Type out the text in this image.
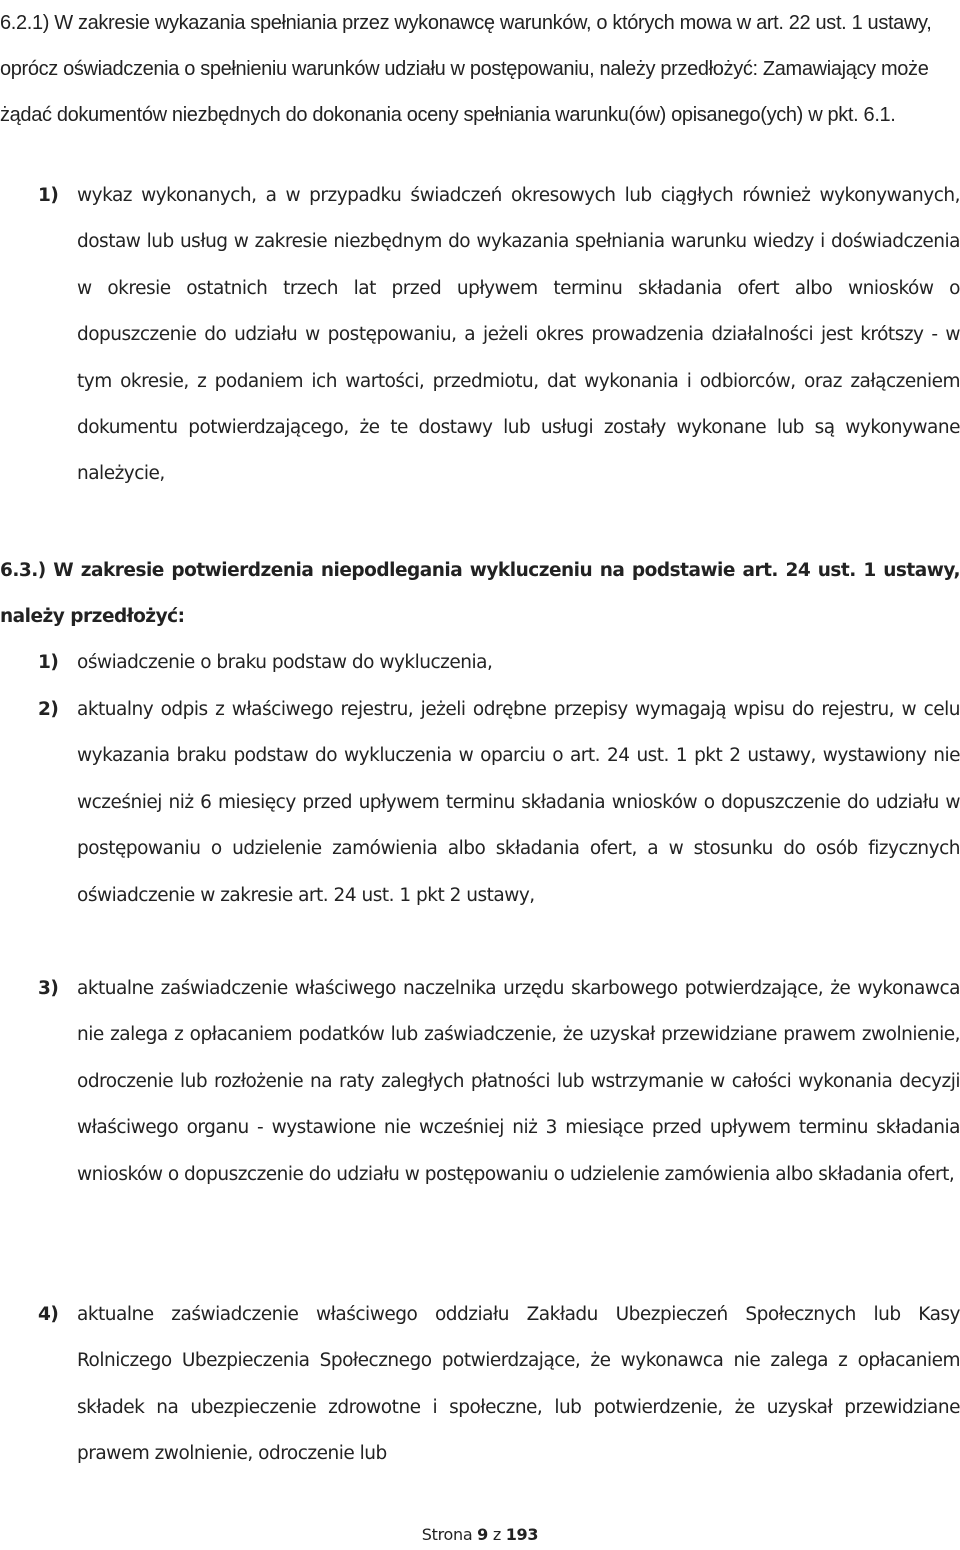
6.2.1) W zakresie wykazania spełniania przez wykonawcę warunków, o których mowa w art. 22 ust. 1 ustawy, oprócz oświadczenia o spełnieniu warunków udziału w postępowaniu, należy przedłożyć: Zamawiający może żądać dokumentów niezbędnych do dokonania oceny spełniania warunku(ów) opisanego(ych) w pkt. 6.1.

1) wykaz wykonanych, a w przypadku świadczeń okresowych lub ciągłych również wykonywanych, dostaw lub usług w zakresie niezbędnym do wykazania spełniania warunku wiedzy i doświadczenia w okresie ostatnich trzech lat przed upływem terminu składania ofert albo wniosków o dopuszczenie do udziału w postępowaniu, a jeżeli okres prowadzenia działalności jest krótszy - w tym okresie, z podaniem ich wartości, przedmiotu, dat wykonania i odbiorców, oraz załączeniem dokumentu potwierdzającego, że te dostawy lub usługi zostały wykonane lub są wykonywane należycie,

6.3.) W zakresie potwierdzenia niepodlegania wykluczeniu na podstawie art. 24 ust. 1 ustawy, należy przedłożyć:

1) oświadczenie o braku podstaw do wykluczenia,
2) aktualny odpis z właściwego rejestru, jeżeli odrębne przepisy wymagają wpisu do rejestru, w celu wykazania braku podstaw do wykluczenia w oparciu o art. 24 ust. 1 pkt 2 ustawy, wystawiony nie wcześniej niż 6 miesięcy przed upływem terminu składania wniosków o dopuszczenie do udziału w postępowaniu o udzielenie zamówienia albo składania ofert, a w stosunku do osób fizycznych oświadczenie w zakresie art. 24 ust. 1 pkt 2 ustawy,
3) aktualne zaświadczenie właściwego naczelnika urzędu skarbowego potwierdzające, że wykonawca nie zalega z opłacaniem podatków lub zaświadczenie, że uzyskał przewidziane prawem zwolnienie, odroczenie lub rozłożenie na raty zaległych płatności lub wstrzymanie w całości wykonania decyzji właściwego organu - wystawione nie wcześniej niż 3 miesiące przed upływem terminu składania wniosków o dopuszczenie do udziału w postępowaniu o udzielenie zamówienia albo składania ofert,
4) aktualne zaświadczenie właściwego oddziału Zakładu Ubezpieczeń Społecznych lub Kasy Rolniczego Ubezpieczenia Społecznego potwierdzające, że wykonawca nie zalega z opłacaniem składek na ubezpieczenie zdrowotne i społeczne, lub potwierdzenie, że uzyskał przewidziane prawem zwolnienie, odroczenie lub
Strona 9 z 193
